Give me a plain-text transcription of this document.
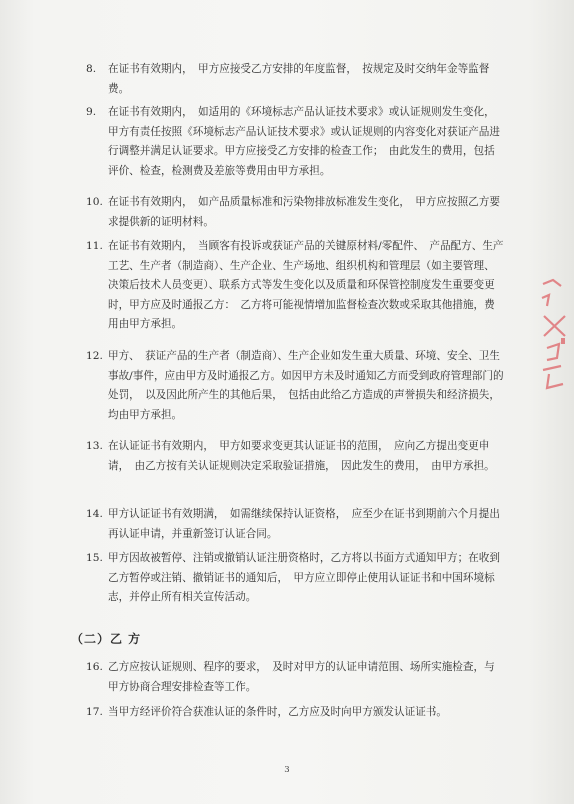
8.	在证书有效期内，　甲方应接受乙方安排的年度监督，　按规定及时交纳年金等监督费。
9.	在证书有效期内，　如适用的《环境标志产品认证技术要求》或认证规则发生变化，　甲方有责任按照《环境标志产品认证技术要求》或认证规则的内容变化对获证产品进行调整并满足认证要求。甲方应接受乙方安排的检查工作；　由此发生的费用，包括评价、检查，检测费及差旅等费用由甲方承担。
10. 在证书有效期内，　如产品质量标准和污染物排放标准发生变化，　甲方应按照乙方要求提供新的证明材料。
11. 在证书有效期内，　当顾客有投诉或获证产品的关键原材料/零配件、　产品配方、生产工艺、生产者（制造商）、生产企业、生产场地、组织机构和管理层（如主要管理、决策后技术人员变更）、联系方式等发生变化以及质量和环保管控制度发生重要变更时，甲方应及时通报乙方：　乙方将可能视情增加监督检查次数或采取其他措施，费用由甲方承担。
12. 甲方、　获证产品的生产者（制造商）、生产企业如发生重大质量、环境、安全、卫生事故/事件，应由甲方及时通报乙方。如因甲方未及时通知乙方而受到政府管理部门的处罚，　以及因此所产生的其他后果，　包括由此给乙方造成的声誉损失和经济损失，均由甲方承担。
13. 在认证证书有效期内，　甲方如要求变更其认证证书的范围，　应向乙方提出变更申请，　由乙方按有关认证规则决定采取验证措施，　因此发生的费用，　由甲方承担。
14. 甲方认证证书有效期满，　如需继续保持认证资格，　应至少在证书到期前六个月提出再认证申请，并重新签订认证合同。
15. 甲方因故被暂停、注销或撤销认证注册资格时，乙方将以书面方式通知甲方；在收到乙方暂停或注销、撤销证书的通知后，　甲方应立即停止使用认证证书和中国环境标志，并停止所有相关宣传活动。
（二）乙 方
16. 乙方应按认证规则、程序的要求，　及时对甲方的认证申请范围、场所实施检查，与甲方协商合理安排检查等工作。
17. 当甲方经评价符合获准认证的条件时，乙方应及时向甲方颁发认证证书。
3
